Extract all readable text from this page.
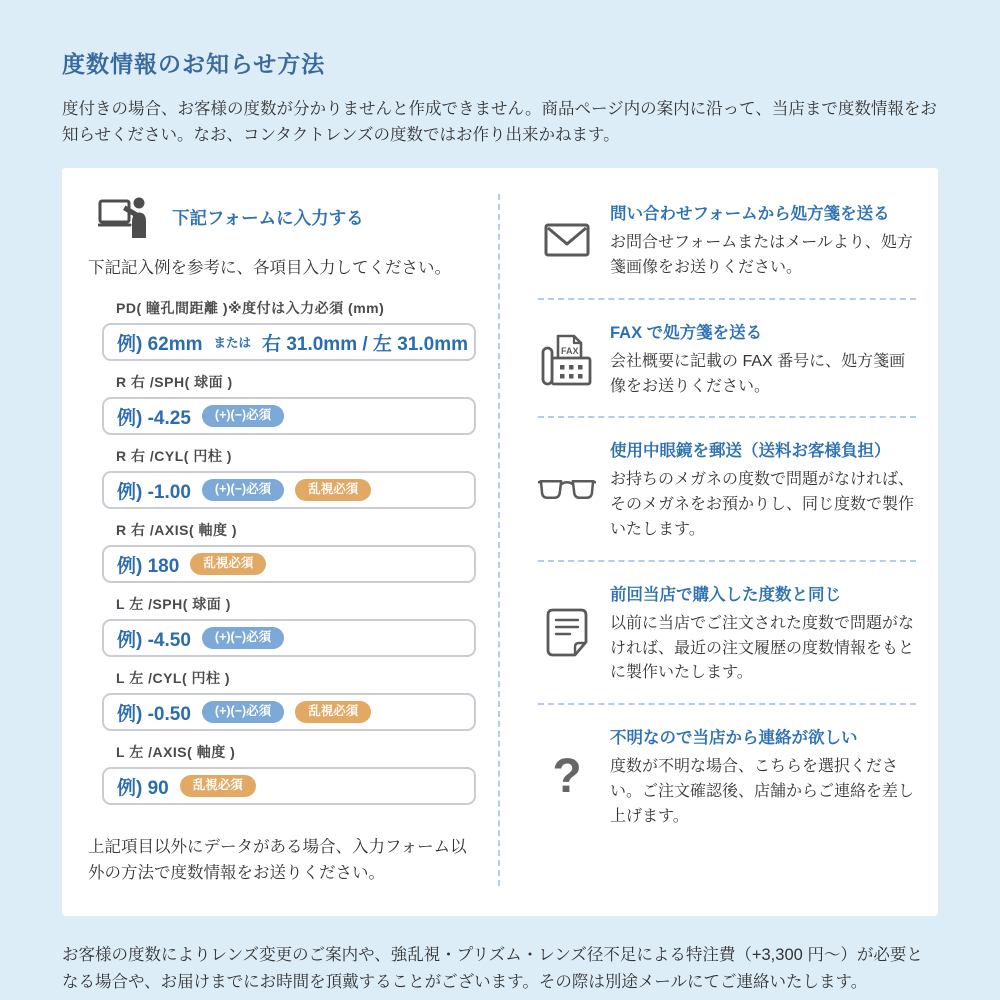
度数情報のお知らせ方法

度付きの場合、お客様の度数が分かりませんと作成できません。商品ページ内の案内に沿って、当店まで度数情報をお知らせください。なお、コンタクトレンズの度数ではお作り出来かねます。

下記フォームに入力する

下記記入例を参考に、各項目入力してください。

PD( 瞳孔間距離 )※度付は入力必須 (mm)
例) 62mm または 右 31.0mm / 左 31.0mm
R 右 /SPH( 球面 )
例) -4.25	(+)(−)必須
R 右 /CYL( 円柱 )
例) -1.00	(+)(−)必須	乱視必須
R 右 /AXIS( 軸度 )
例) 180	乱視必須
L 左 /SPH( 球面 )
例) -4.50	(+)(−)必須
L 左 /CYL( 円柱 )
例) -0.50	(+)(−)必須	乱視必須
L 左 /AXIS( 軸度 )
例) 90	乱視必須

上記項目以外にデータがある場合、入力フォーム以外の方法で度数情報をお送りください。

問い合わせフォームから処方箋を送る

お問合せフォームまたはメールより、処方箋画像をお送りください。

FAX

FAX で処方箋を送る

会社概要に記載の FAX 番号に、処方箋画像をお送りください。

使用中眼鏡を郵送（送料お客様負担）

お持ちのメガネの度数で問題がなければ、そのメガネをお預かりし、同じ度数で製作いたします。

前回当店で購入した度数と同じ

以前に当店でご注文された度数で問題がなければ、最近の注文履歴の度数情報をもとに製作いたします。

?

不明なので当店から連絡が欲しい

度数が不明な場合、こちらを選択ください。ご注文確認後、店舗からご連絡を差し上げます。

お客様の度数によりレンズ変更のご案内や、強乱視・プリズム・レンズ径不足による特注費（+3,300 円〜）が必要となる場合や、お届けまでにお時間を頂戴することがございます。その際は別途メールにてご連絡いたします。
